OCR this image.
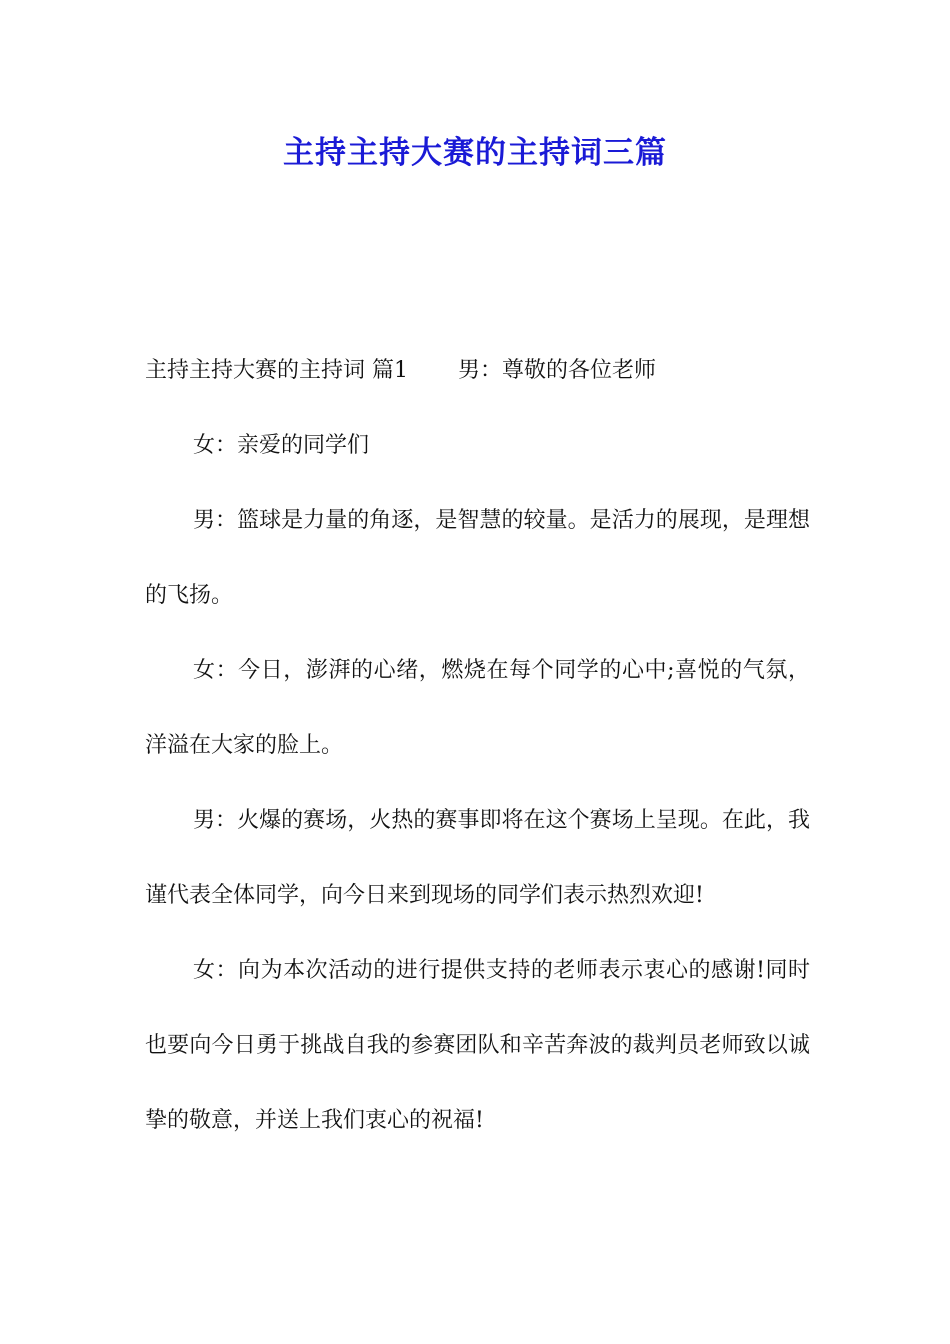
主持主持大赛的主持词三篇

主持主持大赛的主持词 篇1 男：尊敬的各位老师

女：亲爱的同学们

男：篮球是力量的角逐，是智慧的较量。是活力的展现，是理想的飞扬。

女：今日，澎湃的心绪，燃烧在每个同学的心中;喜悦的气氛，洋溢在大家的脸上。

男：火爆的赛场，火热的赛事即将在这个赛场上呈现。在此，我谨代表全体同学，向今日来到现场的同学们表示热烈欢迎!

女：向为本次活动的进行提供支持的老师表示衷心的感谢!同时也要向今日勇于挑战自我的参赛团队和辛苦奔波的裁判员老师致以诚挚的敬意，并送上我们衷心的祝福!
